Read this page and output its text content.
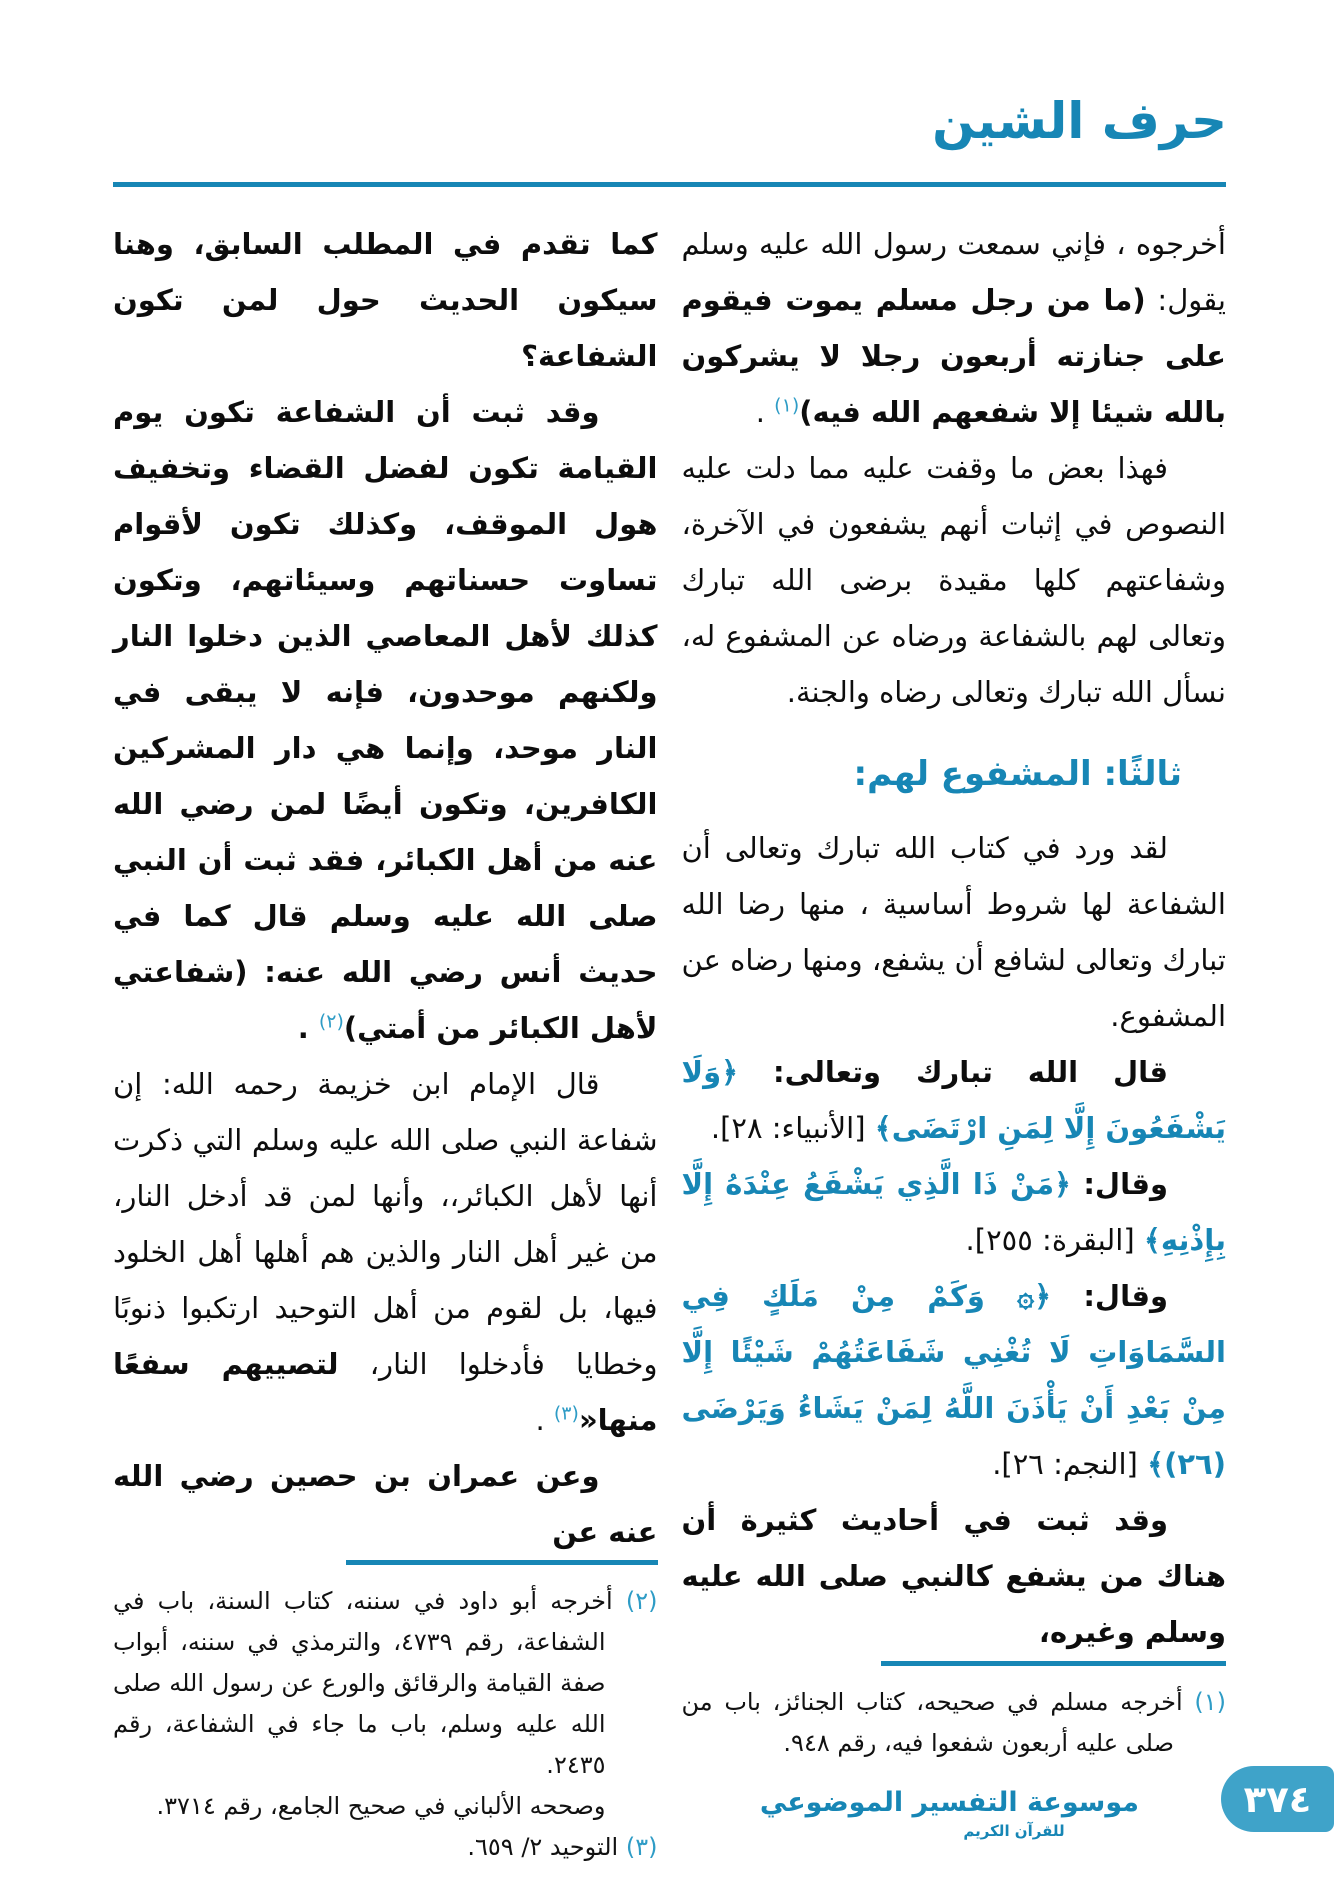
حرف الشين

أخرجوه ، فإني سمعت رسول الله عليه وسلم يقول: (ما من رجل مسلم يموت فيقوم على جنازته أربعون رجلا لا يشركون بالله شيئا إلا شفعهم الله فيه)$^{(١)}$ .

فهذا بعض ما وقفت عليه مما دلت عليه النصوص في إثبات أنهم يشفعون في الآخرة، وشفاعتهم كلها مقيدة برضى الله تبارك وتعالى لهم بالشفاعة ورضاه عن المشفوع له، نسأل الله تبارك وتعالى رضاه والجنة.

ثالثًا: المشفوع لهم:

لقد ورد في كتاب الله تبارك وتعالى أن الشفاعة لها شروط أساسية ، منها رضا الله تبارك وتعالى لشافع أن يشفع، ومنها رضاه عن المشفوع.

قال الله تبارك وتعالى: ﴿وَلَا يَشْفَعُونَ إِلَّا لِمَنِ ارْتَضَى﴾ [الأنبياء: ٢٨].

وقال: ﴿مَنْ ذَا الَّذِي يَشْفَعُ عِنْدَهُ إِلَّا بِإِذْنِهِ﴾ [البقرة: ٢٥٥].

وقال: ﴿۞ وَكَمْ مِنْ مَلَكٍ فِي السَّمَاوَاتِ لَا تُغْنِي شَفَاعَتُهُمْ شَيْئًا إِلَّا مِنْ بَعْدِ أَنْ يَأْذَنَ اللَّهُ لِمَنْ يَشَاءُ وَيَرْضَى (٢٦)﴾ [النجم: ٢٦].

وقد ثبت في أحاديث كثيرة أن هناك من يشفع كالنبي صلى الله عليه وسلم وغيره،

(١) أخرجه مسلم في صحيحه، كتاب الجنائز، باب من صلى عليه أربعون شفعوا فيه، رقم ٩٤٨.

كما تقدم في المطلب السابق، وهنا سيكون الحديث حول لمن تكون الشفاعة؟

وقد ثبت أن الشفاعة تكون يوم القيامة تكون لفضل القضاء وتخفيف هول الموقف، وكذلك تكون لأقوام تساوت حسناتهم وسيئاتهم، وتكون كذلك لأهل المعاصي الذين دخلوا النار ولكنهم موحدون، فإنه لا يبقى في النار موحد، وإنما هي دار المشركين الكافرين، وتكون أيضًا لمن رضي الله عنه من أهل الكبائر، فقد ثبت أن النبي صلى الله عليه وسلم قال كما في حديث أنس رضي الله عنه: (شفاعتي لأهل الكبائر من أمتي)$^{(٢)}$ .

قال الإمام ابن خزيمة رحمه الله: إن شفاعة النبي صلى الله عليه وسلم التي ذكرت أنها لأهل الكبائر،، وأنها لمن قد أدخل النار، من غير أهل النار والذين هم أهلها أهل الخلود فيها، بل لقوم من أهل التوحيد ارتكبوا ذنوبًا وخطايا فأدخلوا النار، لتصييهم سفعًا منها«$^{(٣)}$ .

وعن عمران بن حصين رضي الله عنه عن

(٢) أخرجه أبو داود في سننه، كتاب السنة، باب في الشفاعة، رقم ٤٧٣٩، والترمذي في سننه، أبواب صفة القيامة والرقائق والورع عن رسول الله صلى الله عليه وسلم، باب ما جاء في الشفاعة، رقم ٢٤٣٥.

وصححه الألباني في صحيح الجامع، رقم ٣٧١٤.

(٣) التوحيد ٢/ ٦٥٩.

موسوعة التفسير الموضوعي
للقرآن الكريم
٣٧٤
